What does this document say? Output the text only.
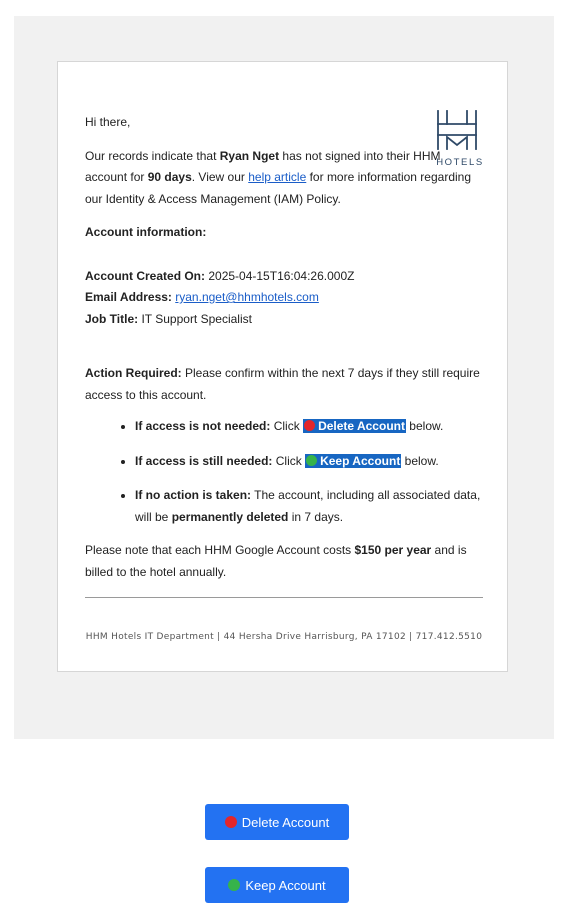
HOTELS

Hi there,

Our records indicate that Ryan Nget has not signed into their HHM account for 90 days. View our help article for more information regarding our Identity & Access Management (IAM) Policy.

Account information:

Account Created On: 2025-04-15T16:04:26.000Z
Email Address: ryan.nget@hhmhotels.com
Job Title: IT Support Specialist

Action Required: Please confirm within the next 7 days if they still require access to this account.

• If access is not needed: Click Delete Account below.
• If access is still needed: Click Keep Account below.
• If no action is taken: The account, including all associated data, will be permanently deleted in 7 days.

Please note that each HHM Google Account costs $150 per year and is billed to the hotel annually.

HHM Hotels IT Department | 44 Hersha Drive Harrisburg, PA 17102 | 717.412.5510
Delete Account
Keep Account
